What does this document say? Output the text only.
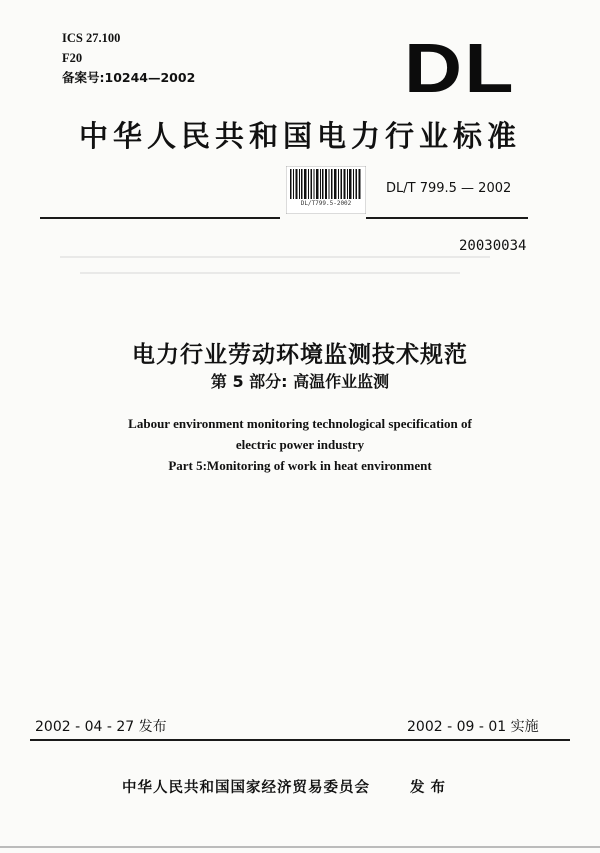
ICS 27.100
F20
备案号:10244—2002	DL
中华人民共和国电力行业标准
DL/T799.5-2002
DL/T 799.5 — 2002
20030034
电力行业劳动环境监测技术规范
第 5 部分: 高温作业监测
Labour environment monitoring technological specification of
electric power industry
Part 5:Monitoring of work in heat environment
2002 - 04 - 27 发布	2002 - 09 - 01 实施
中华人民共和国国家经济贸易委员会	发布
